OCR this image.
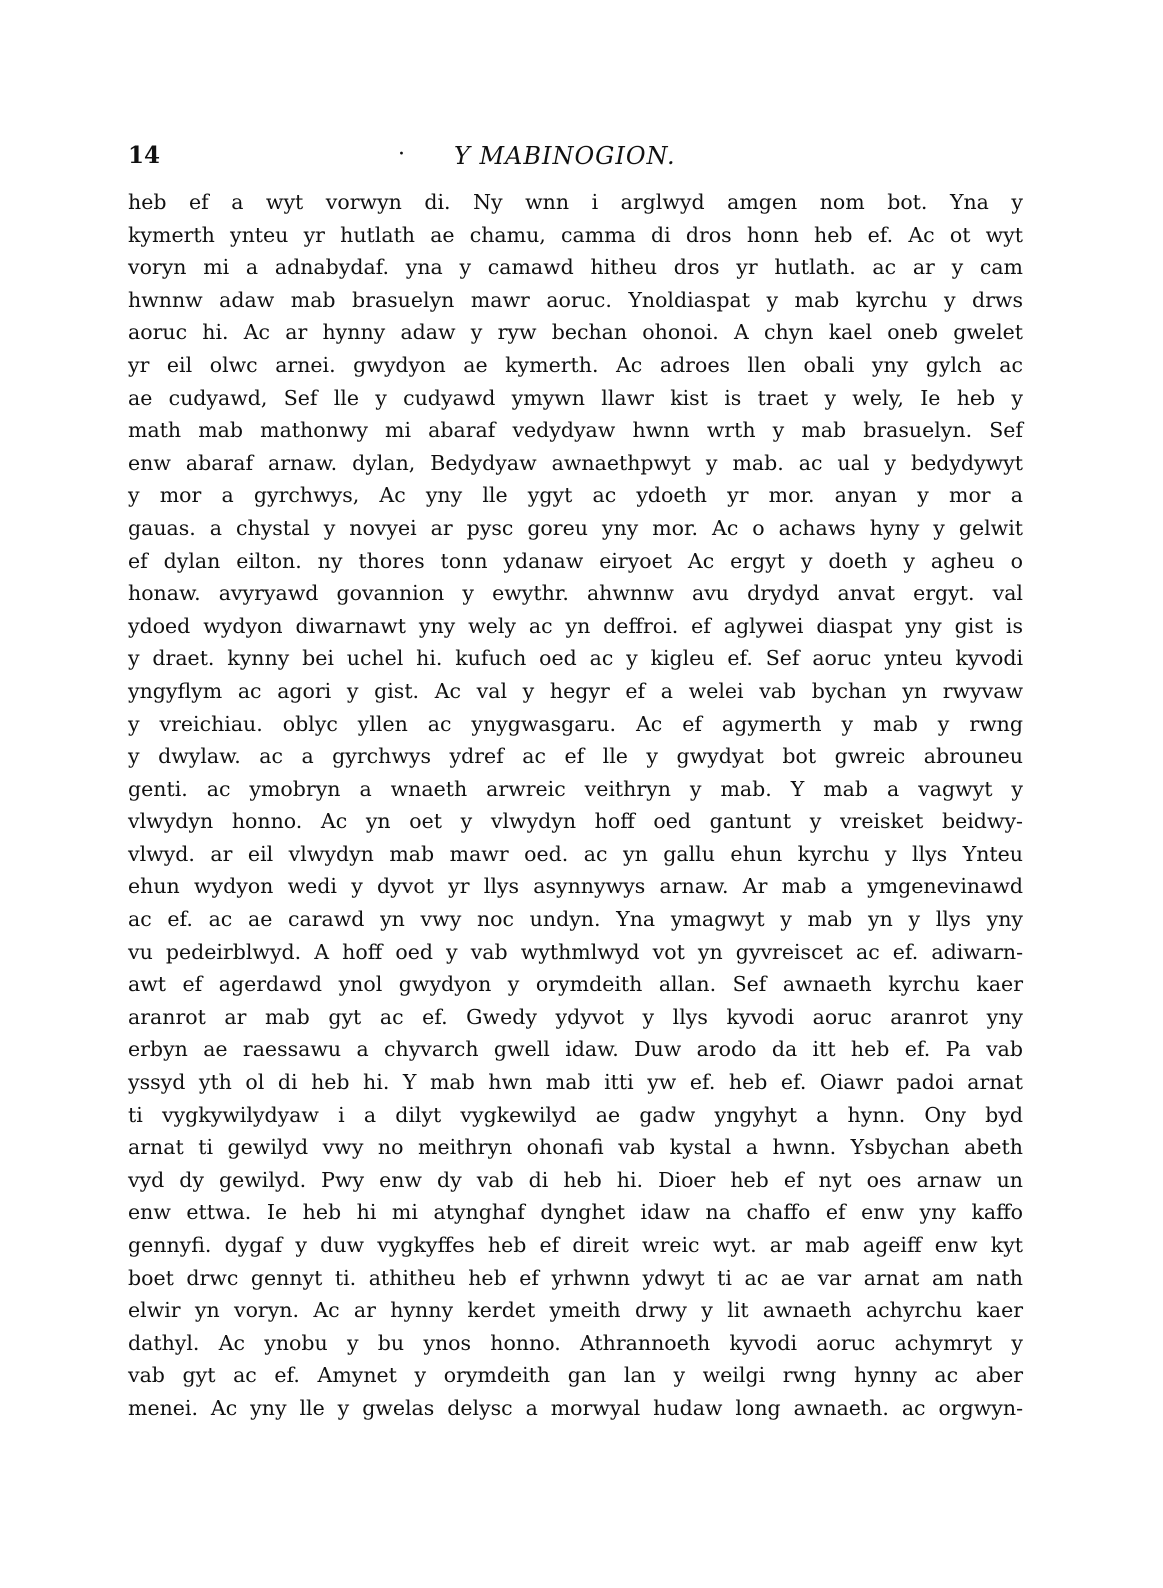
14	· Y MABINOGION.
heb ef a wyt vorwyn di. Ny wnn i arglwyd amgen nom bot. Yna y
kymerth ynteu yr hutlath ae chamu, camma di dros honn heb ef. Ac ot wyt
voryn mi a adnabydaf. yna y camawd hitheu dros yr hutlath. ac ar y cam
hwnnw adaw mab brasuelyn mawr aoruc. Ynoldiaspat y mab kyrchu y drws
aoruc hi. Ac ar hynny adaw y ryw bechan ohonoi. A chyn kael oneb gwelet
yr eil olwc arnei. gwydyon ae kymerth. Ac adroes llen obali yny gylch ac
ae cudyawd, Sef lle y cudyawd ymywn llawr kist is traet y wely, Ie heb y
math mab mathonwy mi abaraf vedydyaw hwnn wrth y mab brasuelyn. Sef
enw abaraf arnaw. dylan, Bedydyaw awnaethpwyt y mab. ac ual y bedydywyt
y mor a gyrchwys, Ac yny lle ygyt ac ydoeth yr mor. anyan y mor a
gauas. a chystal y novyei ar pysc goreu yny mor. Ac o achaws hyny y gelwit
ef dylan eilton. ny thores tonn ydanaw eiryoet Ac ergyt y doeth y agheu o
honaw. avyryawd govannion y ewythr. ahwnnw avu drydyd anvat ergyt. val
ydoed wydyon diwarnawt yny wely ac yn deffroi. ef aglywei diaspat yny gist is
y draet. kynny bei uchel hi. kufuch oed ac y kigleu ef. Sef aoruc ynteu kyvodi
yngyflym ac agori y gist. Ac val y hegyr ef a welei vab bychan yn rwyvaw
y vreichiau. oblyc yllen ac ynygwasgaru. Ac ef agymerth y mab y rwng
y dwylaw. ac a gyrchwys ydref ac ef lle y gwydyat bot gwreic abrouneu
genti. ac ymobryn a wnaeth arwreic veithryn y mab. Y mab a vagwyt y
vlwydyn honno. Ac yn oet y vlwydyn hoff oed gantunt y vreisket beidwy-
vlwyd. ar eil vlwydyn mab mawr oed. ac yn gallu ehun kyrchu y llys Ynteu
ehun wydyon wedi y dyvot yr llys asynnywys arnaw. Ar mab a ymgenevinawd
ac ef. ac ae carawd yn vwy noc undyn. Yna ymagwyt y mab yn y llys yny
vu pedeirblwyd. A hoff oed y vab wythmlwyd vot yn gyvreiscet ac ef. adiwarn-
awt ef agerdawd ynol gwydyon y orymdeith allan. Sef awnaeth kyrchu kaer
aranrot ar mab gyt ac ef. Gwedy ydyvot y llys kyvodi aoruc aranrot yny
erbyn ae raessawu a chyvarch gwell idaw. Duw arodo da itt heb ef. Pa vab
yssyd yth ol di heb hi. Y mab hwn mab itti yw ef. heb ef. Oiawr padoi arnat
ti vygkywilydyaw i a dilyt vygkewilyd ae gadw yngyhyt a hynn. Ony byd
arnat ti gewilyd vwy no meithryn ohonafi vab kystal a hwnn. Ysbychan abeth
vyd dy gewilyd. Pwy enw dy vab di heb hi. Dioer heb ef nyt oes arnaw un
enw ettwa. Ie heb hi mi atynghaf dynghet idaw na chaffo ef enw yny kaffo
gennyfi. dygaf y duw vygkyffes heb ef direit wreic wyt. ar mab ageiff enw kyt
boet drwc gennyt ti. athitheu heb ef yrhwnn ydwyt ti ac ae var arnat am nath
elwir yn voryn. Ac ar hynny kerdet ymeith drwy y lit awnaeth achyrchu kaer
dathyl. Ac ynobu y bu ynos honno. Athrannoeth kyvodi aoruc achymryt y
vab gyt ac ef. Amynet y orymdeith gan lan y weilgi rwng hynny ac aber
menei. Ac yny lle y gwelas delysc a morwyal hudaw long awnaeth. ac orgwyn-
